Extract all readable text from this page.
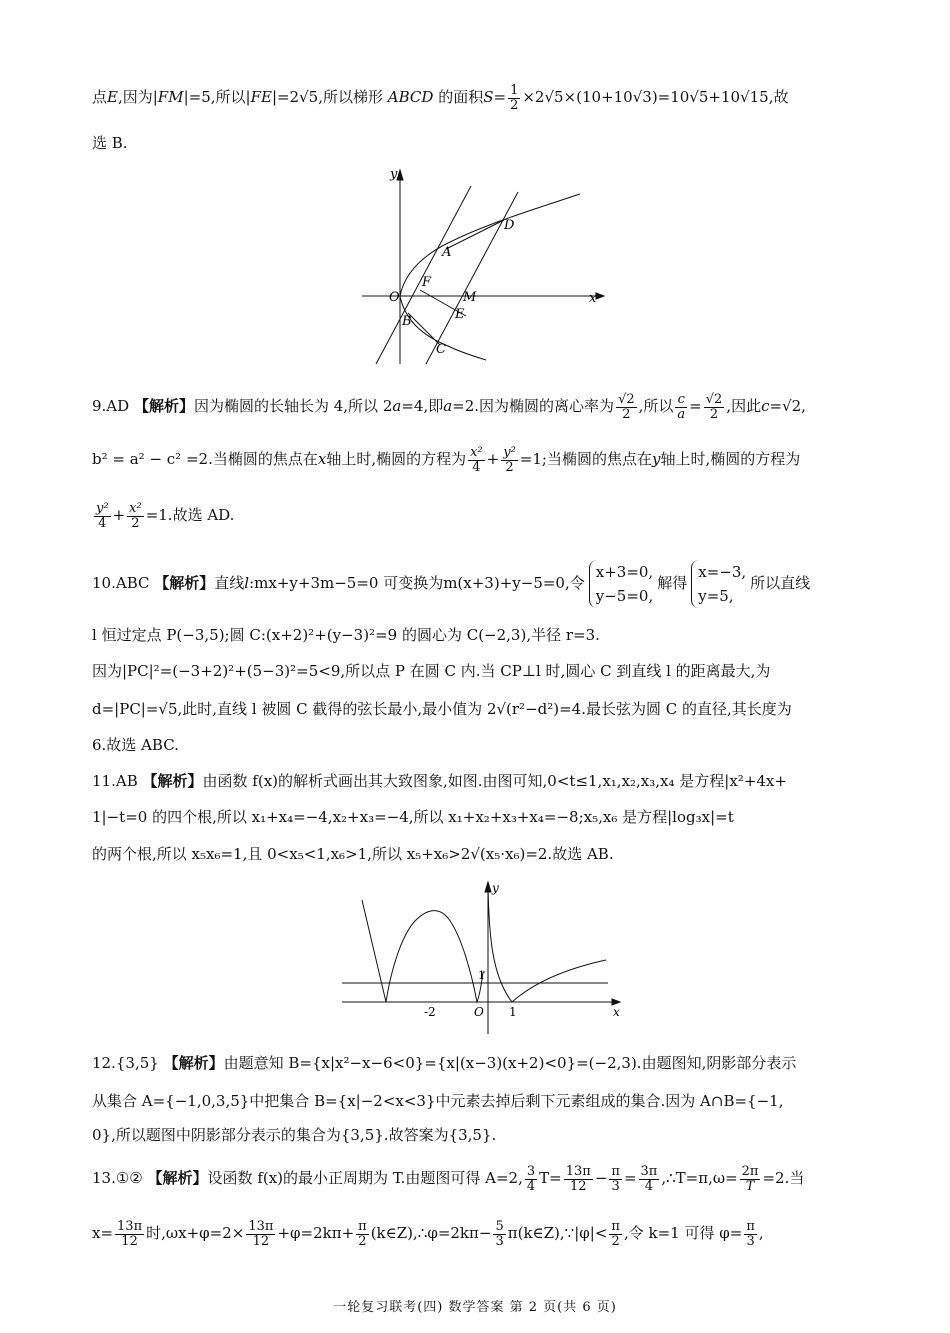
点E,因为|FM|=5,所以|FE|=2√5,所以梯形 ABCD 的面积$S= \frac{1}{2} \times 2√5\times(10+10√3)=10√5+10√15$,故
选 B.
y
x
O
A
D
F
M
B	E
C
9.AD 【解析】因为椭圆的长轴长为 4,所以 2a=4,即a=2.因为椭圆的离心率为 $\frac{√2}{2}$ ,所以 $\frac{c}{a} = \frac{√2}{2}$ ,因此c=√2,
b² = a² − c² =2.当椭圆的焦点在x轴上时,椭圆的方程为 $\frac{\text{x²}}{4} + \frac{\text{y²}}{2} =1$;当椭圆的焦点在y轴上时,椭圆的方程为
$\frac{\text{y²}}{4} + \frac{\text{x²}}{2} =1$.故选 AD.
10.ABC 【解析】直线l:mx+y+3m−5=0 可变换为m(x+3)+y−5=0,令
x+3=0,
y−5=0,
解得
x=−3,
y=5,
所以直线
l 恒过定点 P(−3,5);圆 C:(x+2)²+(y−3)²=9 的圆心为 C(−2,3),半径 r=3.
因为|PC|²=(−3+2)²+(5−3)²=5<9,所以点 P 在圆 C 内.当 CP⊥l 时,圆心 C 到直线 l 的距离最大,为
d=|PC|=√5,此时,直线 l 被圆 C 截得的弦长最小,最小值为 2√(r²−d²)=4.最长弦为圆 C 的直径,其长度为
6.故选 ABC.
11.AB 【解析】由函数 f(x)的解析式画出其大致图象,如图.由图可知,0<t≤1,x₁,x₂,x₃,x₄ 是方程|x²+4x+
1|−t=0 的四个根,所以 x₁+x₄=−4,x₂+x₃=−4,所以 x₁+x₂+x₃+x₄=−8;x₅,x₆ 是方程|log₃x|=t
的两个根,所以 x₅x₆=1,且 0<x₅<1,x₆>1,所以 x₅+x₆>2√(x₅·x₆)=2.故选 AB.
y
x
O
1
-2	1
12.{3,5} 【解析】由题意知 B={x|x²−x−6<0}={x|(x−3)(x+2)<0}=(−2,3).由题图知,阴影部分表示
从集合 A={−1,0,3,5}中把集合 B={x|−2<x<3}中元素去掉后剩下元素组成的集合.因为 A∩B={−1,
0},所以题图中阴影部分表示的集合为{3,5}.故答案为{3,5}.
13.①② 【解析】设函数 f(x)的最小正周期为 T.由题图可得 A=2, $\frac{3}{4} T= \frac{13\pi}{12} - \frac{\pi}{3} = \frac{3\pi}{4}$ ,∴T=π,ω= $\frac{2\pi}{T} =2$.当
$x= \frac{13\pi}{12}$ 时$,\omega x+\varphi=2\times \frac{13\pi}{12} +\varphi=2k\pi+ \frac{\pi}{2}$ (k∈Z),∴φ=2kπ− $\frac{5}{3}$ π(k∈Z),∵|φ|< $\frac{\pi}{2}$ ,令 k=1 可得 $\varphi= \frac{\pi}{3}$ ,
一轮复习联考(四) 数学答案 第 2 页(共 6 页)
